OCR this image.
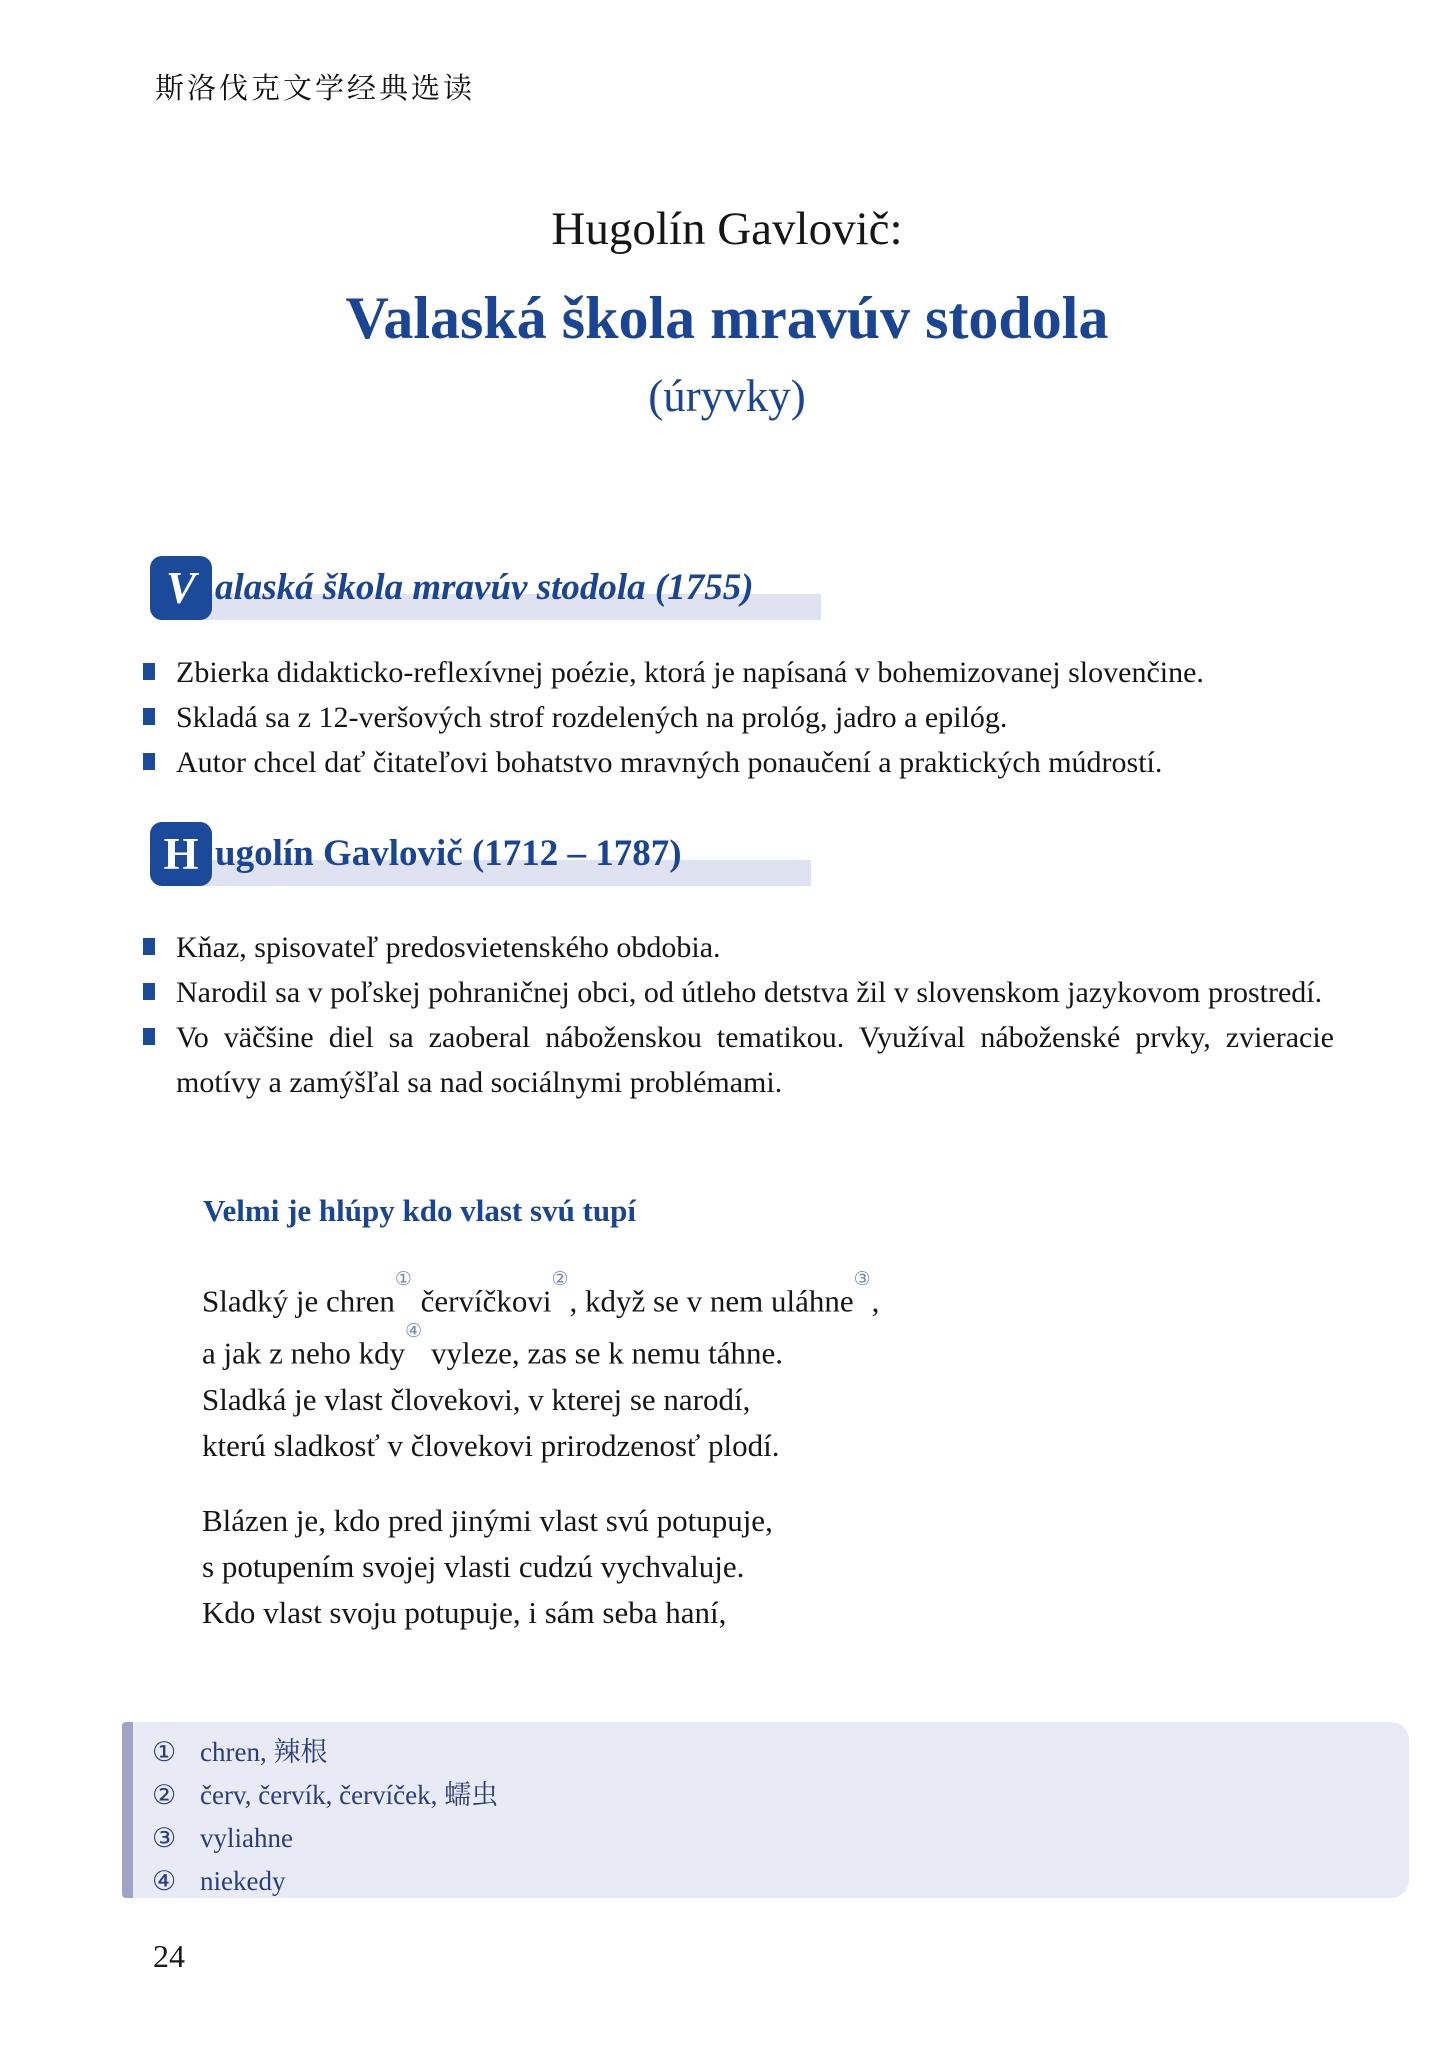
斯洛伐克文学经典选读
Hugolín Gavlovič:
Valaská škola mravúv stodola
(úryvky)
V alaská škola mravúv stodola (1755)
Zbierka didakticko-reflexívnej poézie, ktorá je napísaná v bohemizovanej slovenčine.
Skladá sa z 12-veršových strof rozdelených na prológ, jadro a epilóg.
Autor chcel dať čitateľovi bohatstvo mravných ponaučení a praktických múdrostí.
H ugolín Gavlovič (1712 – 1787)
Kňaz, spisovateľ predosvietenského obdobia.
Narodil sa v poľskej pohraničnej obci, od útleho detstva žil v slovenskom jazykovom prostredí.
Vo väčšine diel sa zaoberal náboženskou tematikou. Využíval náboženské prvky, zvieracie motívy a zamýšľal sa nad sociálnymi problémami.
Velmi je hlúpy kdo vlast svú tupí
Sladký je chren① červíčkovi②, když se v nem uláhne③,
a jak z neho kdy④ vyleze, zas se k nemu táhne.
Sladká je vlast človekovi, v kterej se narodí,
kterú sladkosť v človekovi prirodzenosť plodí.
Blázen je, kdo pred jinými vlast svú potupuje,
s potupením svojej vlasti cudzú vychvaluje.
Kdo vlast svoju potupuje, i sám seba haní,
① chren, 辣根
② červ, červík, červíček, 蠕虫
③ vyliahne
④ niekedy
24
